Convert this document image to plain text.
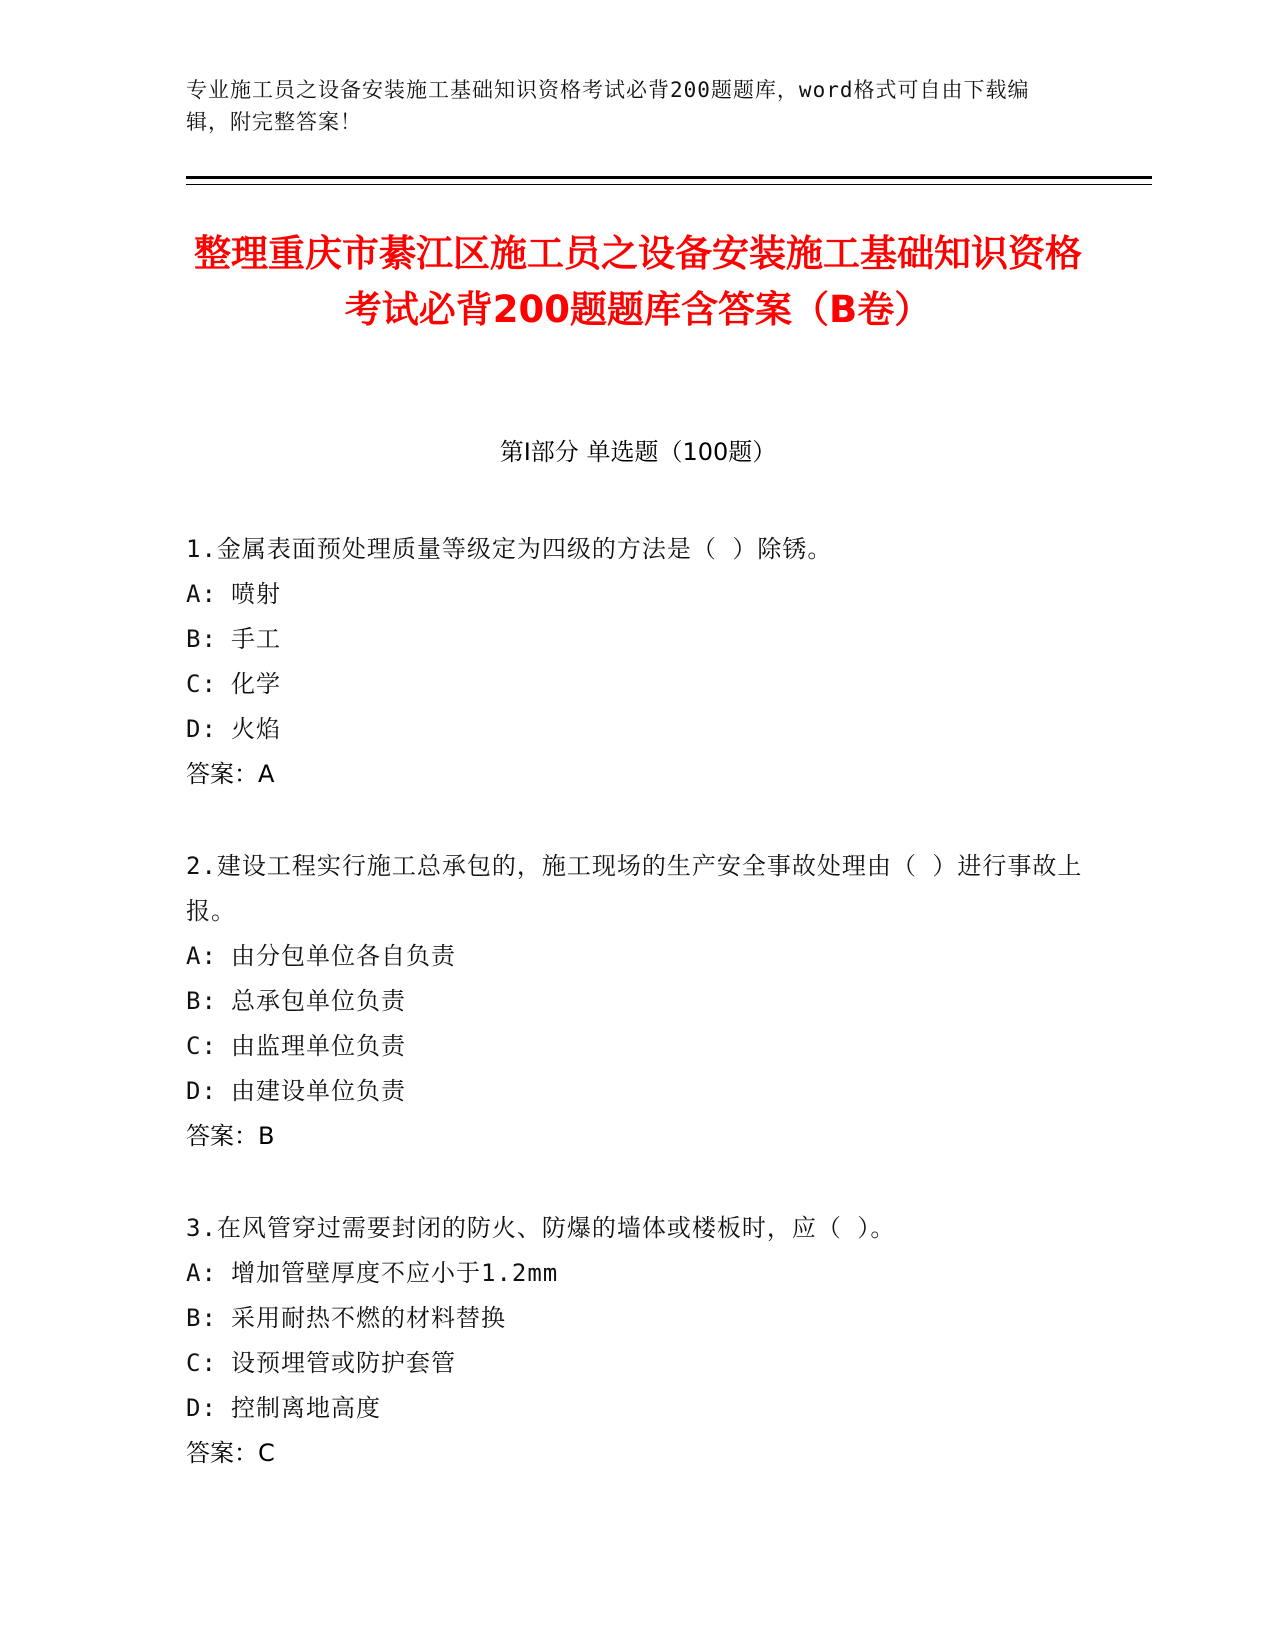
专业施工员之设备安装施工基础知识资格考试必背200题题库，word格式可自由下载编辑，附完整答案！
整理重庆市綦江区施工员之设备安装施工基础知识资格考试必背200题题库含答案（B卷）
第I部分 单选题（100题）
1.金属表面预处理质量等级定为四级的方法是（ ）除锈。
A: 喷射
B: 手工
C: 化学
D: 火焰
答案：A
2.建设工程实行施工总承包的，施工现场的生产安全事故处理由（ ）进行事故上报。
A: 由分包单位各自负责
B: 总承包单位负责
C: 由监理单位负责
D: 由建设单位负责
答案：B
3.在风管穿过需要封闭的防火、防爆的墙体或楼板时，应（ ）。
A: 增加管壁厚度不应小于1.2mm
B: 采用耐热不燃的材料替换
C: 设预埋管或防护套管
D: 控制离地高度
答案：C
